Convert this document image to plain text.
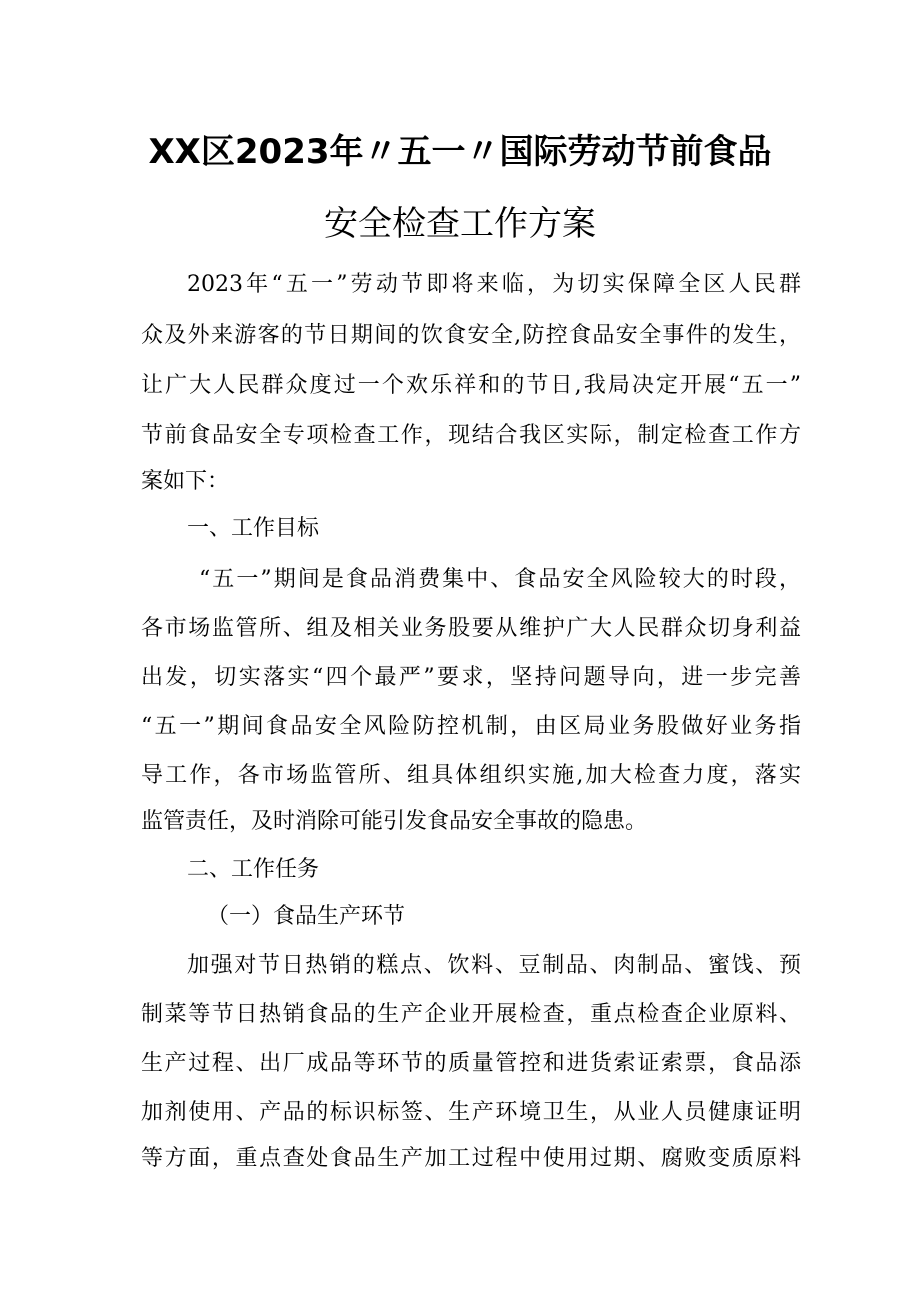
XX区2023年〃五一〃国际劳动节前食品
安全检查工作方案
2023年“五一”劳动节即将来临，为切实保障全区人民群
众及外来游客的节日期间的饮食安全,防控食品安全事件的发生，
让广大人民群众度过一个欢乐祥和的节日,我局决定开展“五一”
节前食品安全专项检查工作，现结合我区实际，制定检查工作方
案如下：
一、工作目标
“五一”期间是食品消费集中、食品安全风险较大的时段，
各市场监管所、组及相关业务股要从维护广大人民群众切身利益
出发，切实落实“四个最严”要求，坚持问题导向，进一步完善
“五一”期间食品安全风险防控机制，由区局业务股做好业务指
导工作，各市场监管所、组具体组织实施,加大检查力度，落实
监管责任，及时消除可能引发食品安全事故的隐患。
二、工作任务
（一）食品生产环节
加强对节日热销的糕点、饮料、豆制品、肉制品、蜜饯、预
制菜等节日热销食品的生产企业开展检查，重点检查企业原料、
生产过程、出厂成品等环节的质量管控和进货索证索票，食品添
加剂使用、产品的标识标签、生产环境卫生，从业人员健康证明
等方面，重点查处食品生产加工过程中使用过期、腐败变质原料
